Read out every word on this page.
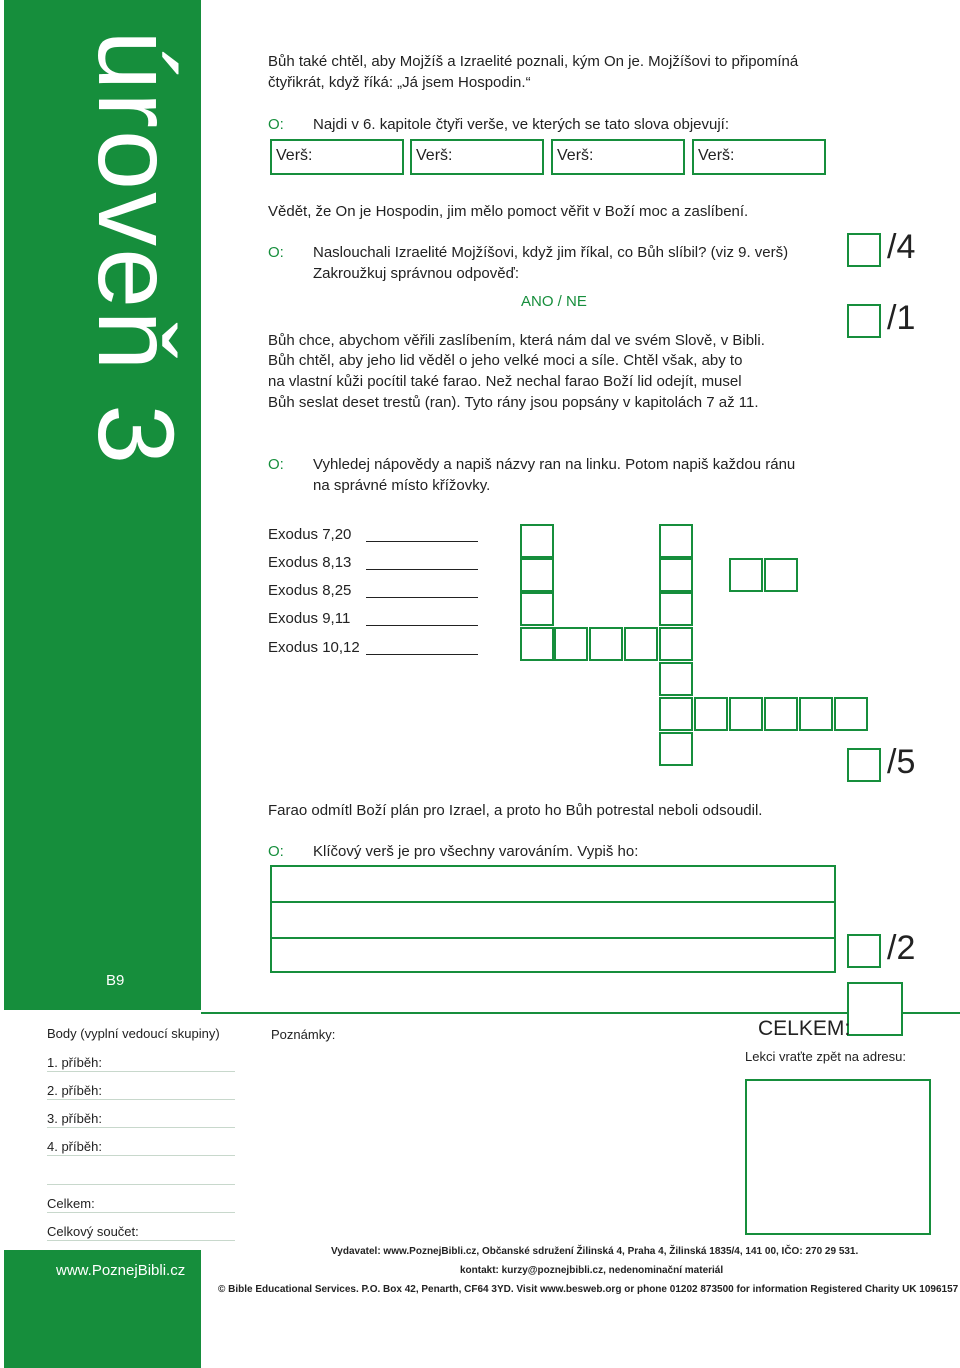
úroveň 3
B9
www.PoznejBibli.cz
Bůh také chtěl, aby Mojžíš a Izraelité poznali, kým On je. Mojžíšovi to připomíná čtyřikrát, když říká: „Já jsem Hospodin.“
O: Najdi v 6. kapitole čtyři verše, ve kterých se tato slova objevují:
Verš:	Verš:	Verš:	Verš:
Vědět, že On je Hospodin, jim mělo pomoct věřit v Boží moc a zaslíbení.
O: Naslouchali Izraelité Mojžíšovi, když jim říkal, co Bůh slíbil? (viz 9. verš)
Zakroužkuj správnou odpověď:
ANO / NE
/4
/1
Bůh chce, abychom věřili zaslíbením, která nám dal ve svém Slově, v Bibli.
Bůh chtěl, aby jeho lid věděl o jeho velké moci a síle. Chtěl však, aby to
na vlastní kůži pocítil také farao. Než nechal farao Boží lid odejít, musel
Bůh seslat deset trestů (ran). Tyto rány jsou popsány v kapitolách 7 až 11.
O: Vyhledej nápovědy a napiš názvy ran na linku. Potom napiš každou ránu
na správné místo křížovky.
Exodus 7,20
Exodus 8,13
Exodus 8,25
Exodus 9,11
Exodus 10,12
/5
Farao odmítl Boží plán pro Izrael, a proto ho Bůh potrestal neboli odsoudil.
O: Klíčový verš je pro všechny varováním. Vypiš ho:
/2
Body (vyplní vedoucí skupiny)
1. příběh:
2. příběh:
3. příběh:
4. příběh:
Celkem:
Celkový součet:
Poznámky:	CELKEM:
Lekci vraťte zpět na adresu:
Vydavatel: www.PoznejBibli.cz, Občanské sdružení Žilinská 4, Praha 4, Žilinská 1835/4, 141 00, IČO: 270 29 531.
kontakt: kurzy@poznejbibli.cz, nedenominační materiál
© Bible Educational Services. P.O. Box 42, Penarth, CF64 3YD. Visit www.besweb.org or phone 01202 873500 for information Registered Charity UK 1096157
